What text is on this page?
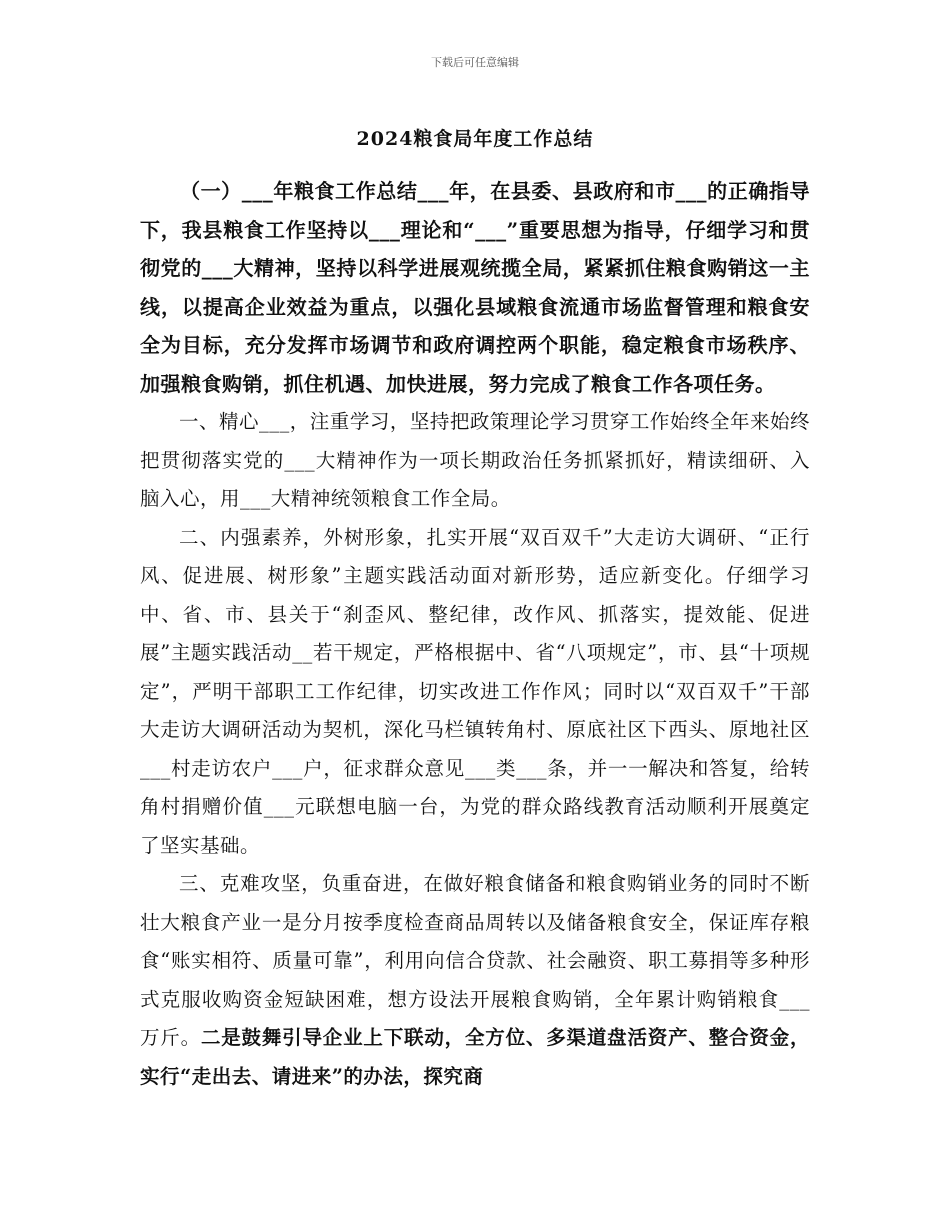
下载后可任意编辑
2024粮食局年度工作总结

（一）___年粮食工作总结___年，在县委、县政府和市___的正确指导下，我县粮食工作坚持以___理论和“___”重要思想为指导，仔细学习和贯彻党的___大精神，坚持以科学进展观统揽全局，紧紧抓住粮食购销这一主线，以提高企业效益为重点，以强化县域粮食流通市场监督管理和粮食安全为目标，充分发挥市场调节和政府调控两个职能，稳定粮食市场秩序、加强粮食购销，抓住机遇、加快进展，努力完成了粮食工作各项任务。

一、精心___，注重学习，坚持把政策理论学习贯穿工作始终全年来始终把贯彻落实党的___大精神作为一项长期政治任务抓紧抓好，精读细研、入脑入心，用___大精神统领粮食工作全局。

二、内强素养，外树形象，扎实开展“双百双千”大走访大调研、“正行风、促进展、树形象”主题实践活动面对新形势，适应新变化。仔细学习中、省、市、县关于“刹歪风、整纪律，改作风、抓落实，提效能、促进展”主题实践活动__若干规定，严格根据中、省“八项规定”，市、县“十项规定”，严明干部职工工作纪律，切实改进工作作风；同时以“双百双千”干部大走访大调研活动为契机，深化马栏镇转角村、原底社区下西头、原地社区___村走访农户___户，征求群众意见___类___条，并一一解决和答复，给转角村捐赠价值___元联想电脑一台，为党的群众路线教育活动顺利开展奠定了坚实基础。

三、克难攻坚，负重奋进，在做好粮食储备和粮食购销业务的同时不断壮大粮食产业一是分月按季度检查商品周转以及储备粮食安全，保证库存粮食“账实相符、质量可靠”，利用向信合贷款、社会融资、职工募捐等多种形式克服收购资金短缺困难，想方设法开展粮食购销，全年累计购销粮食___万斤。二是鼓舞引导企业上下联动，全方位、多渠道盘活资产、整合资金，实行“走出去、请进来”的办法，探究商
